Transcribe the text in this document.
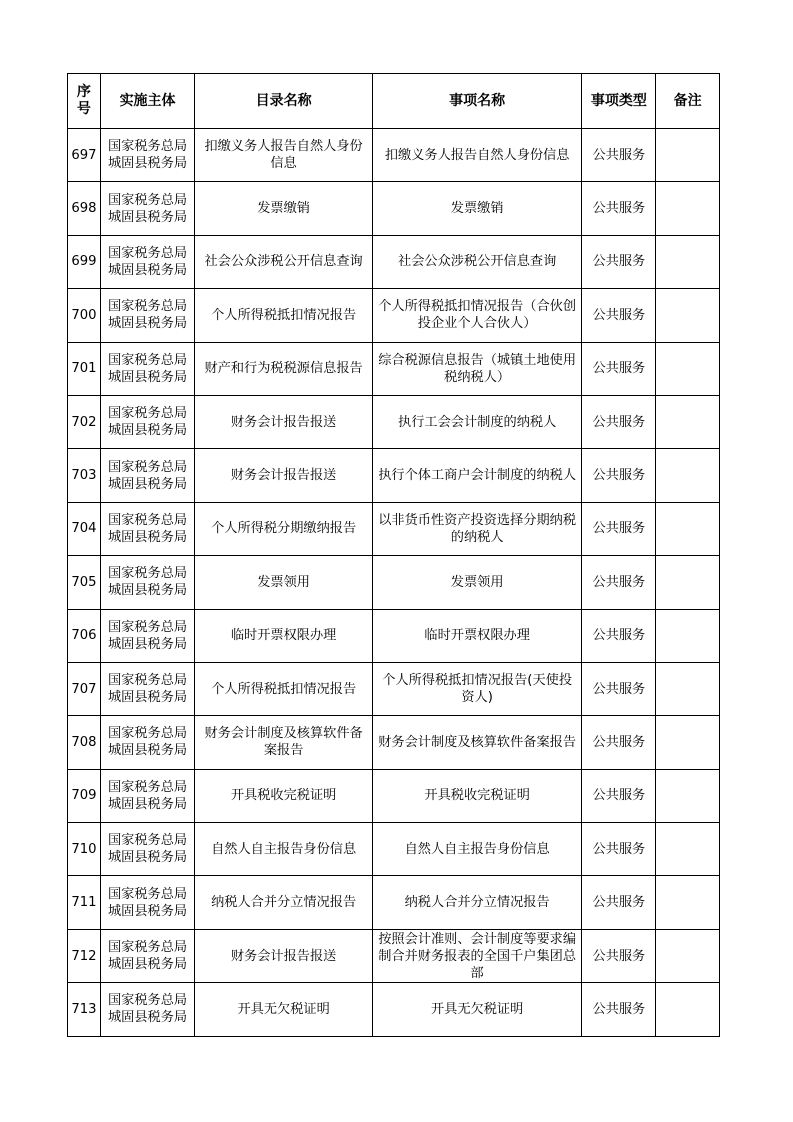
序号	实施主体	目录名称	事项名称	事项类型	备注
697	国家税务总局城固县税务局	扣缴义务人报告自然人身份信息	扣缴义务人报告自然人身份信息	公共服务	
698	国家税务总局城固县税务局	发票缴销	发票缴销	公共服务	
699	国家税务总局城固县税务局	社会公众涉税公开信息查询	社会公众涉税公开信息查询	公共服务	
700	国家税务总局城固县税务局	个人所得税抵扣情况报告	个人所得税抵扣情况报告（合伙创投企业个人合伙人）	公共服务	
701	国家税务总局城固县税务局	财产和行为税税源信息报告	综合税源信息报告（城镇土地使用税纳税人）	公共服务	
702	国家税务总局城固县税务局	财务会计报告报送	执行工会会计制度的纳税人	公共服务	
703	国家税务总局城固县税务局	财务会计报告报送	执行个体工商户会计制度的纳税人	公共服务	
704	国家税务总局城固县税务局	个人所得税分期缴纳报告	以非货币性资产投资选择分期纳税的纳税人	公共服务	
705	国家税务总局城固县税务局	发票领用	发票领用	公共服务	
706	国家税务总局城固县税务局	临时开票权限办理	临时开票权限办理	公共服务	
707	国家税务总局城固县税务局	个人所得税抵扣情况报告	个人所得税抵扣情况报告(天使投资人)	公共服务	
708	国家税务总局城固县税务局	财务会计制度及核算软件备案报告	财务会计制度及核算软件备案报告	公共服务	
709	国家税务总局城固县税务局	开具税收完税证明	开具税收完税证明	公共服务	
710	国家税务总局城固县税务局	自然人自主报告身份信息	自然人自主报告身份信息	公共服务	
711	国家税务总局城固县税务局	纳税人合并分立情况报告	纳税人合并分立情况报告	公共服务	
712	国家税务总局城固县税务局	财务会计报告报送	按照会计准则、会计制度等要求编制合并财务报表的全国千户集团总部	公共服务	
713	国家税务总局城固县税务局	开具无欠税证明	开具无欠税证明	公共服务	
